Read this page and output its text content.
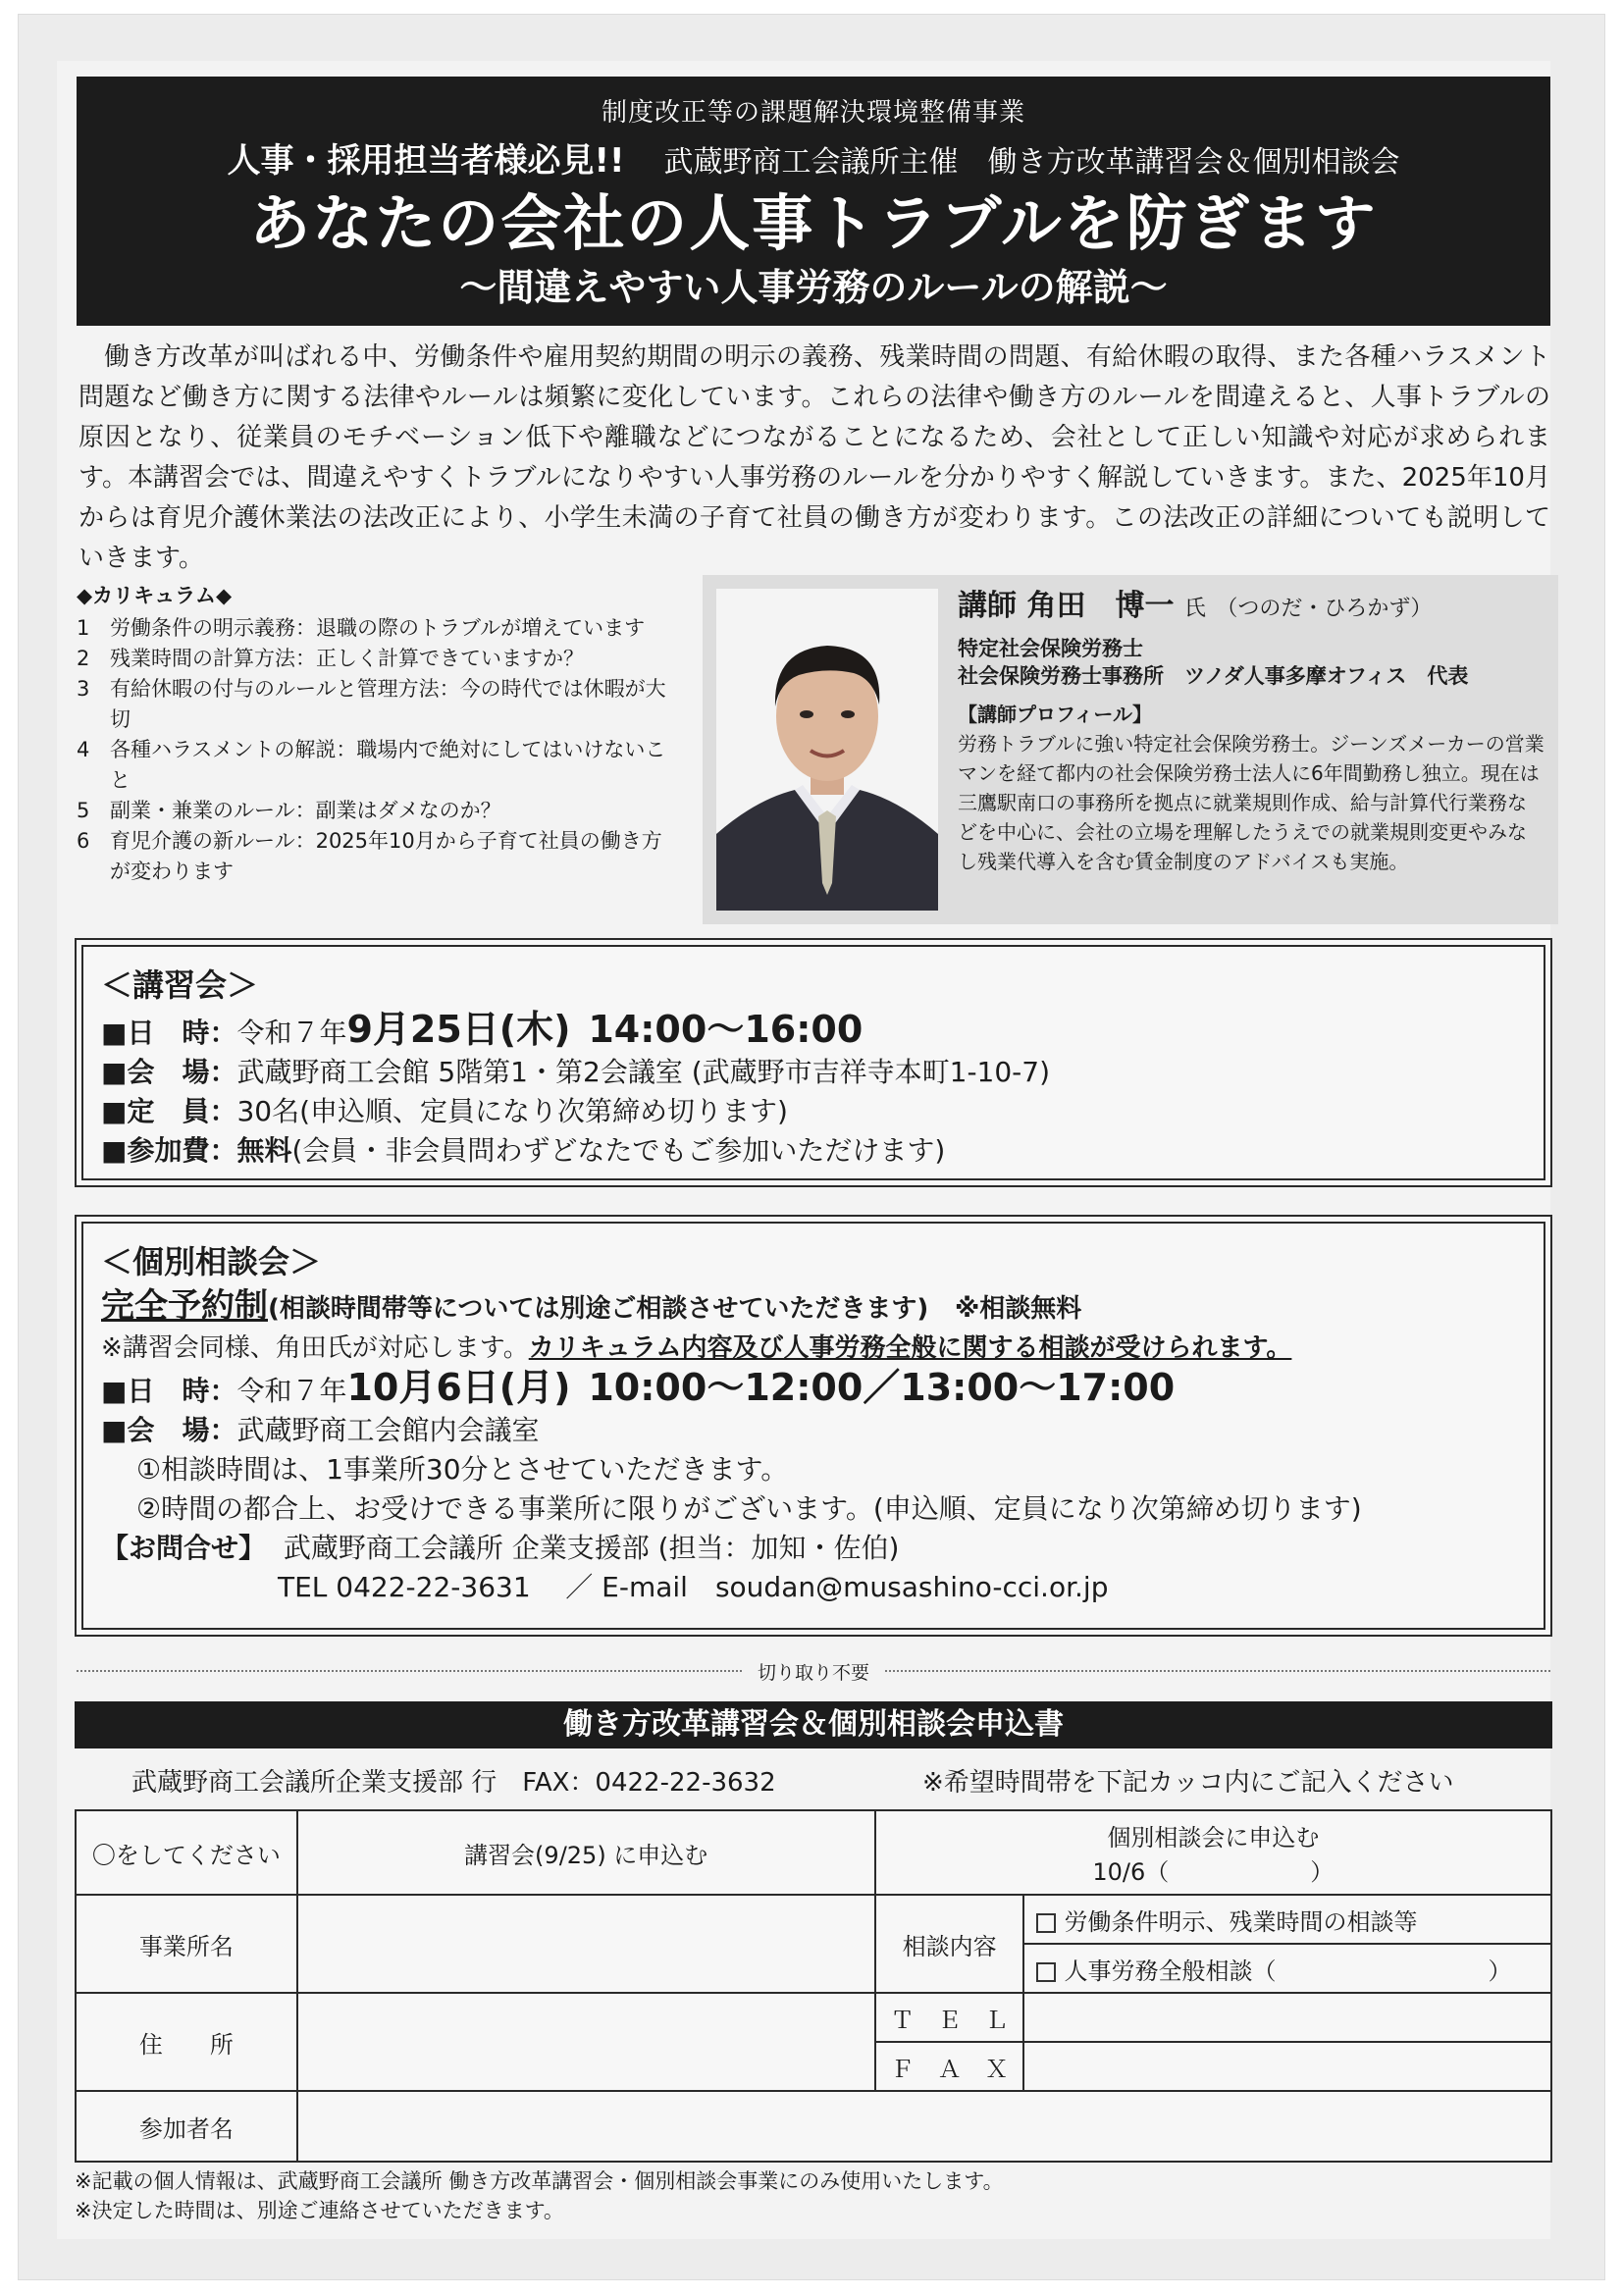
制度改正等の課題解決環境整備事業
人事・採用担当者様必見!! 武蔵野商工会議所主催　働き方改革講習会＆個別相談会
あなたの会社の人事トラブルを防ぎます
～間違えやすい人事労務のルールの解説～

働き方改革が叫ばれる中、労働条件や雇用契約期間の明示の義務、残業時間の問題、有給休暇の取得、また各種ハラスメント問題など働き方に関する法律やルールは頻繁に変化しています。これらの法律や働き方のルールを間違えると、人事トラブルの原因となり、従業員のモチベーション低下や離職などにつながることになるため、会社として正しい知識や対応が求められます。本講習会では、間違えやすくトラブルになりやすい人事労務のルールを分かりやすく解説していきます。また、2025年10月からは育児介護休業法の法改正により、小学生未満の子育て社員の働き方が変わります。この法改正の詳細についても説明していきます。

◆カリキュラム◆
1 労働条件の明示義務：退職の際のトラブルが増えています
2 残業時間の計算方法：正しく計算できていますか？
3 有給休暇の付与のルールと管理方法：今の時代では休暇が大切
4 各種ハラスメントの解説：職場内で絶対にしてはいけないこと
5 副業・兼業のルール：副業はダメなのか？
6 育児介護の新ルール：2025年10月から子育て社員の働き方が変わります
講師 角田　博一 氏 （つのだ・ひろかず）
特定社会保険労務士
社会保険労務士事務所　ツノダ人事多摩オフィス　代表
【講師プロフィール】
労務トラブルに強い特定社会保険労務士。ジーンズメーカーの営業マンを経て都内の社会保険労務士法人に6年間勤務し独立。現在は三鷹駅南口の事務所を拠点に就業規則作成、給与計算代行業務などを中心に、会社の立場を理解したうえでの就業規則変更やみなし残業代導入を含む賃金制度のアドバイスも実施。
＜講習会＞
■日　時：令和７年9月25日(木) 14:00～16:00
■会　場：武蔵野商工会館 5階第1・第2会議室 (武蔵野市吉祥寺本町1-10-7)
■定　員：30名(申込順、定員になり次第締め切ります)
■参加費：無料(会員・非会員問わずどなたでもご参加いただけます)
＜個別相談会＞
完全予約制(相談時間帯等については別途ご相談させていただきます) ※相談無料
※講習会同様、角田氏が対応します。カリキュラム内容及び人事労務全般に関する相談が受けられます。
■日　時：令和７年10月6日(月) 10:00～12:00／13:00～17:00
■会　場：武蔵野商工会館内会議室
①相談時間は、1事業所30分とさせていただきます。
②時間の都合上、お受けできる事業所に限りがございます。(申込順、定員になり次第締め切ります)
【お問合せ】 武蔵野商工会議所 企業支援部 (担当：加知・佐伯)
TEL 0422-22-3631 ／ E-mail　soudan@musashino-cci.or.jp
切り取り不要
働き方改革講習会＆個別相談会申込書
武蔵野商工会議所企業支援部 行　FAX：0422-22-3632	※希望時間帯を下記カッコ内にご記入ください
〇をしてください	講習会(9/25) に申込む	個別相談会に申込む
10/6（　　　　　　）	

事業所名		相談内容	労働条件明示、残業時間の相談等
			人事労務全般相談（　　　　　　　　　）
住　　所		Ｔ　Ｅ　Ｌ	
		Ｆ　Ａ　Ｘ	
参加者名			
※記載の個人情報は、武蔵野商工会議所 働き方改革講習会・個別相談会事業にのみ使用いたします。
※決定した時間は、別途ご連絡させていただきます。
